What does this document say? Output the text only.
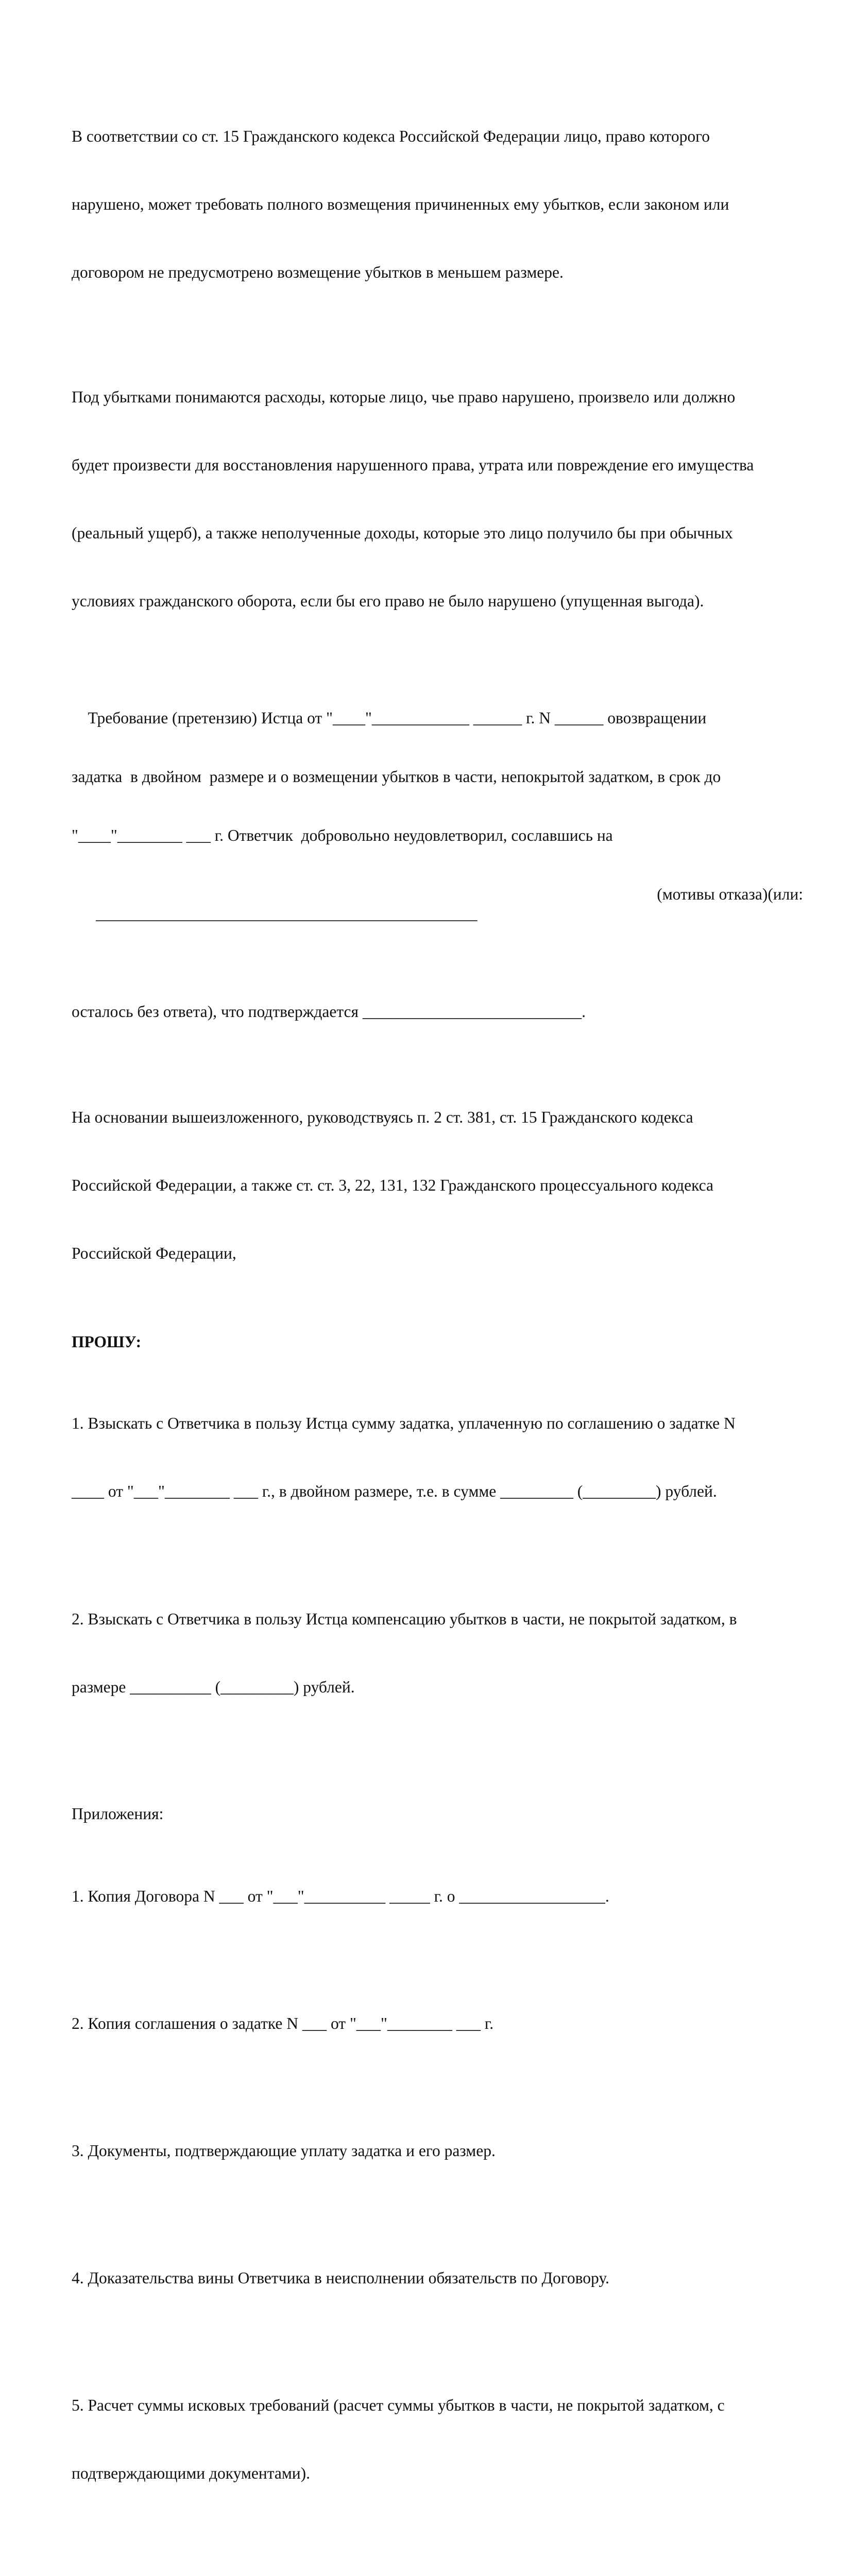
В соответствии со ст. 15 Гражданского кодекса Российской Федерации лицо, право которого

нарушено, может требовать полного возмещения причиненных ему убытков, если законом или

договором не предусмотрено возмещение убытков в меньшем размере.

Под убытками понимаются расходы, которые лицо, чье право нарушено, произвело или должно

будет произвести для восстановления нарушенного права, утрата или повреждение его имущества

(реальный ущерб), а также неполученные доходы, которые это лицо получило бы при обычных

условиях гражданского оборота, если бы его право не было нарушено (упущенная выгода).

Требование (претензию) Истца от "____"____________ ______ г. N ______ овозвращении

задатка  в двойном  размере и о возмещении убытков в части, непокрытой задатком, в срок до

"____"________ ___ г. Ответчик  добровольно неудовлетворил, сославшись на

_______________________________________________

(мотивы отказа)(или:

осталось без ответа), что подтверждается ___________________________.

На основании вышеизложенного, руководствуясь п. 2 ст. 381, ст. 15 Гражданского кодекса

Российской Федерации, а также ст. ст. 3, 22, 131, 132 Гражданского процессуального кодекса

Российской Федерации,

ПРОШУ:

1. Взыскать с Ответчика в пользу Истца сумму задатка, уплаченную по соглашению о задатке N

____ от "___"________ ___ г., в двойном размере, т.е. в сумме _________ (_________) рублей.

2. Взыскать с Ответчика в пользу Истца компенсацию убытков в части, не покрытой задатком, в

размере __________ (_________) рублей.

Приложения:

1. Копия Договора N ___ от "___"__________ _____ г. о __________________.

2. Копия соглашения о задатке N ___ от "___"________ ___ г.

3. Документы, подтверждающие уплату задатка и его размер.

4. Доказательства вины Ответчика в неисполнении обязательств по Договору.

5. Расчет суммы исковых требований (расчет суммы убытков в части, не покрытой задатком, с

подтверждающими документами).
